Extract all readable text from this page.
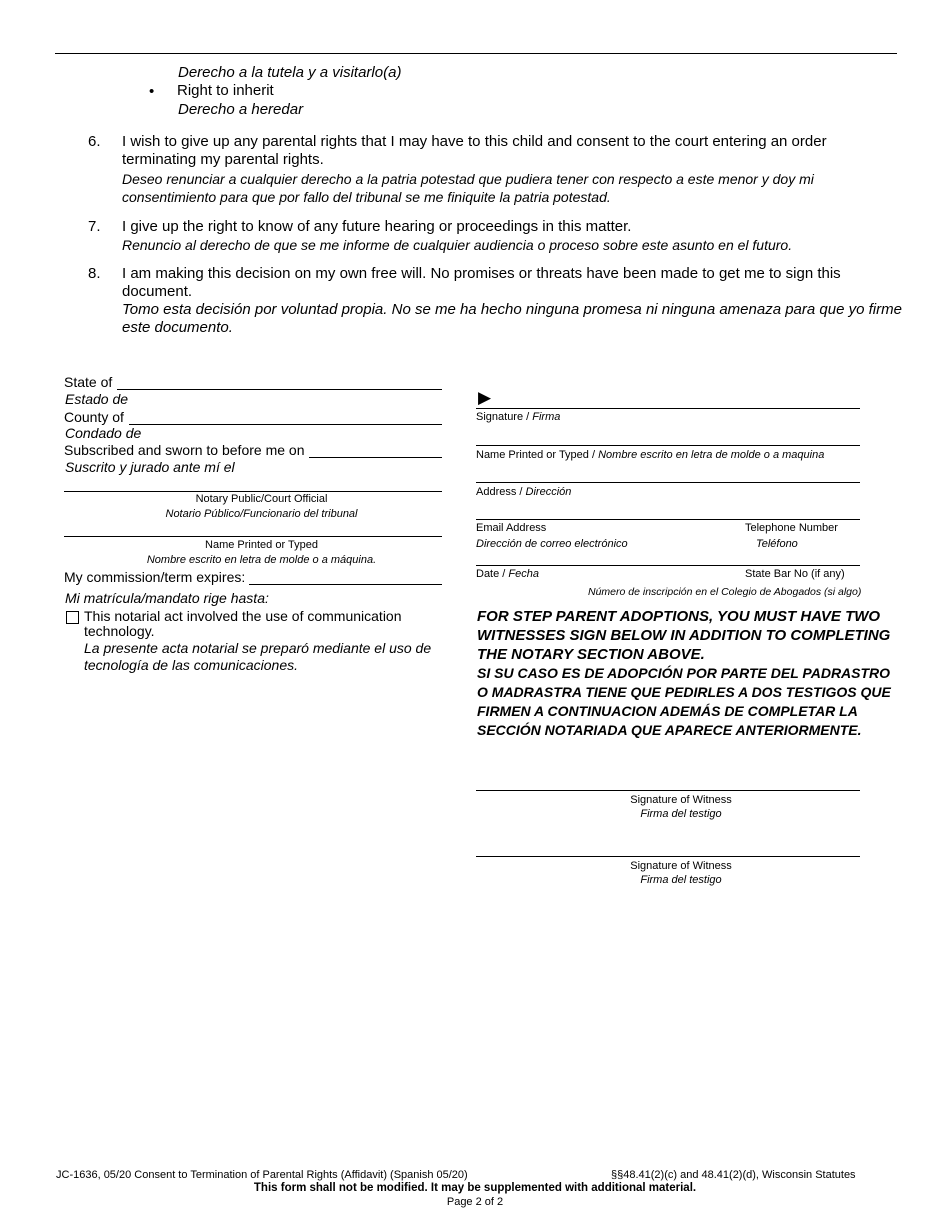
Derecho a la tutela y a visitarlo(a)
• Right to inherit
Derecho a heredar
6. I wish to give up any parental rights that I may have to this child and consent to the court entering an order terminating my parental rights.
Deseo renunciar a cualquier derecho a la patria potestad que pudiera tener con respecto a este menor y doy mi consentimiento para que por fallo del tribunal se me finiquite la patria potestad.
7. I give up the right to know of any future hearing or proceedings in this matter.
Renuncio al derecho de que se me informe de cualquier audiencia o proceso sobre este asunto en el futuro.
8. I am making this decision on my own free will. No promises or threats have been made to get me to sign this document.
Tomo esta decisión por voluntad propia. No se me ha hecho ninguna promesa ni ninguna amenaza para que yo firme este documento.
State of
Estado de
County of
Condado de
Subscribed and sworn to before me on
Suscrito y jurado ante mí el
Notary Public/Court Official
Notario Público/Funcionario del tribunal
Name Printed or Typed
Nombre escrito en letra de molde o a máquina.
My commission/term expires:
Mi matrícula/mandato rige hasta:
This notarial act involved the use of communication technology.
La presente acta notarial se preparó mediante el uso de tecnología de las comunicaciones.
▶
Signature / Firma
Name Printed or Typed / Nombre escrito en letra de molde o a maquina
Address / Dirección
Email Address
Dirección de correo electrónico
Telephone Number
Teléfono
Date / Fecha	State Bar No (if any)
Número de inscripción en el Colegio de Abogados (si algo)
FOR STEP PARENT ADOPTIONS, YOU MUST HAVE TWO WITNESSES SIGN BELOW IN ADDITION TO COMPLETING THE NOTARY SECTION ABOVE.
SI SU CASO ES DE ADOPCIÓN POR PARTE DEL PADRASTRO O MADRASTRA TIENE QUE PEDIRLES A DOS TESTIGOS QUE FIRMEN A CONTINUACION ADEMÁS DE COMPLETAR LA SECCIÓN NOTARIADA QUE APARECE ANTERIORMENTE.
Signature of Witness
Firma del testigo
Signature of Witness
Firma del testigo
JC-1636, 05/20 Consent to Termination of Parental Rights (Affidavit) (Spanish 05/20)	§§48.41(2)(c) and 48.41(2)(d), Wisconsin Statutes
This form shall not be modified. It may be supplemented with additional material.
Page 2 of 2
